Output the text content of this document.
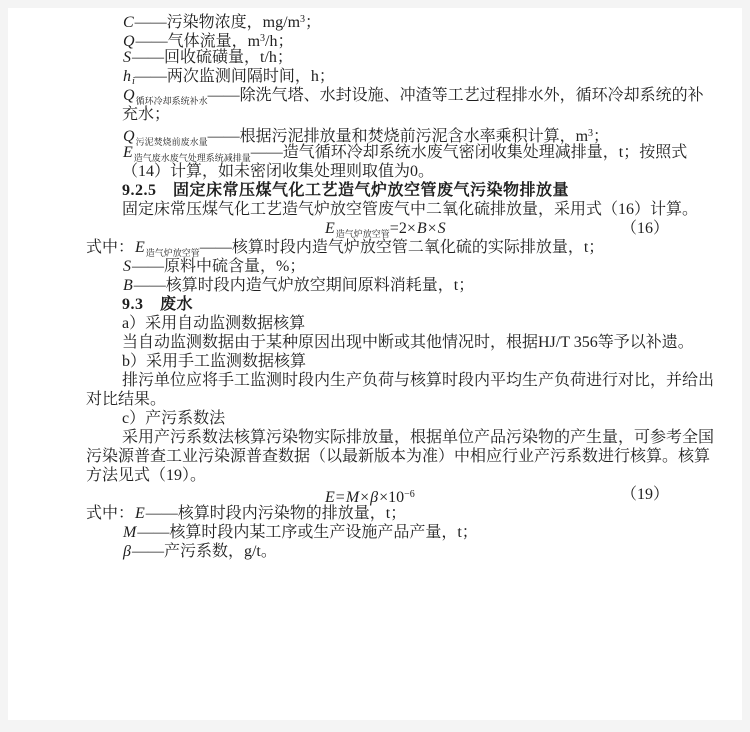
C——污染物浓度，$mg/m^3$；
Q——气体流量，$m^3/h$；
S——回收硫磺量，t/h；
hi——两次监测间隔时间，h；
$Q_{循环冷却系统补水}——$除洗气塔、水封设施、冲渣等工艺过程排水外，循环冷却系统的补
充水；
$Q_{污泥焚烧前废水量}——$根据污泥排放量和焚烧前污泥含水率乘积计算，$m^3$；
$E_{造气废水废气处理系统减排量}——$造气循环冷却系统水废气密闭收集处理减排量，t；按照式
（14）计算，如未密闭收集处理则取值为0。
9.2.5　固定床常压煤气化工艺造气炉放空管废气污染物排放量
固定床常压煤气化工艺造气炉放空管废气中二氧化硫排放量，采用式（16）计算。
$E_{造气炉放空管}=2\times B\times S$	（16）
式中：$E_{造气炉放空管}——$核算时段内造气炉放空管二氧化硫的实际排放量，t；
S——原料中硫含量，%；
B——核算时段内造气炉放空期间原料消耗量，t；
9.3　废水
a）采用自动监测数据核算
当自动监测数据由于某种原因出现中断或其他情况时，根据HJ/T 356等予以补遗。
b）采用手工监测数据核算
排污单位应将手工监测时段内生产负荷与核算时段内平均生产负荷进行对比，并给出
对比结果。
c）产污系数法
采用产污系数法核算污染物实际排放量，根据单位产品污染物的产生量，可参考全国
污染源普查工业污染源普查数据（以最新版本为准）中相应行业产污系数进行核算。核算
方法见式（19）。
$E=M\times\beta\times 10^{-6}$	（19）
式中：E——核算时段内污染物的排放量，t；
M——核算时段内某工序或生产设施产品产量，t；
β——产污系数，g/t。
